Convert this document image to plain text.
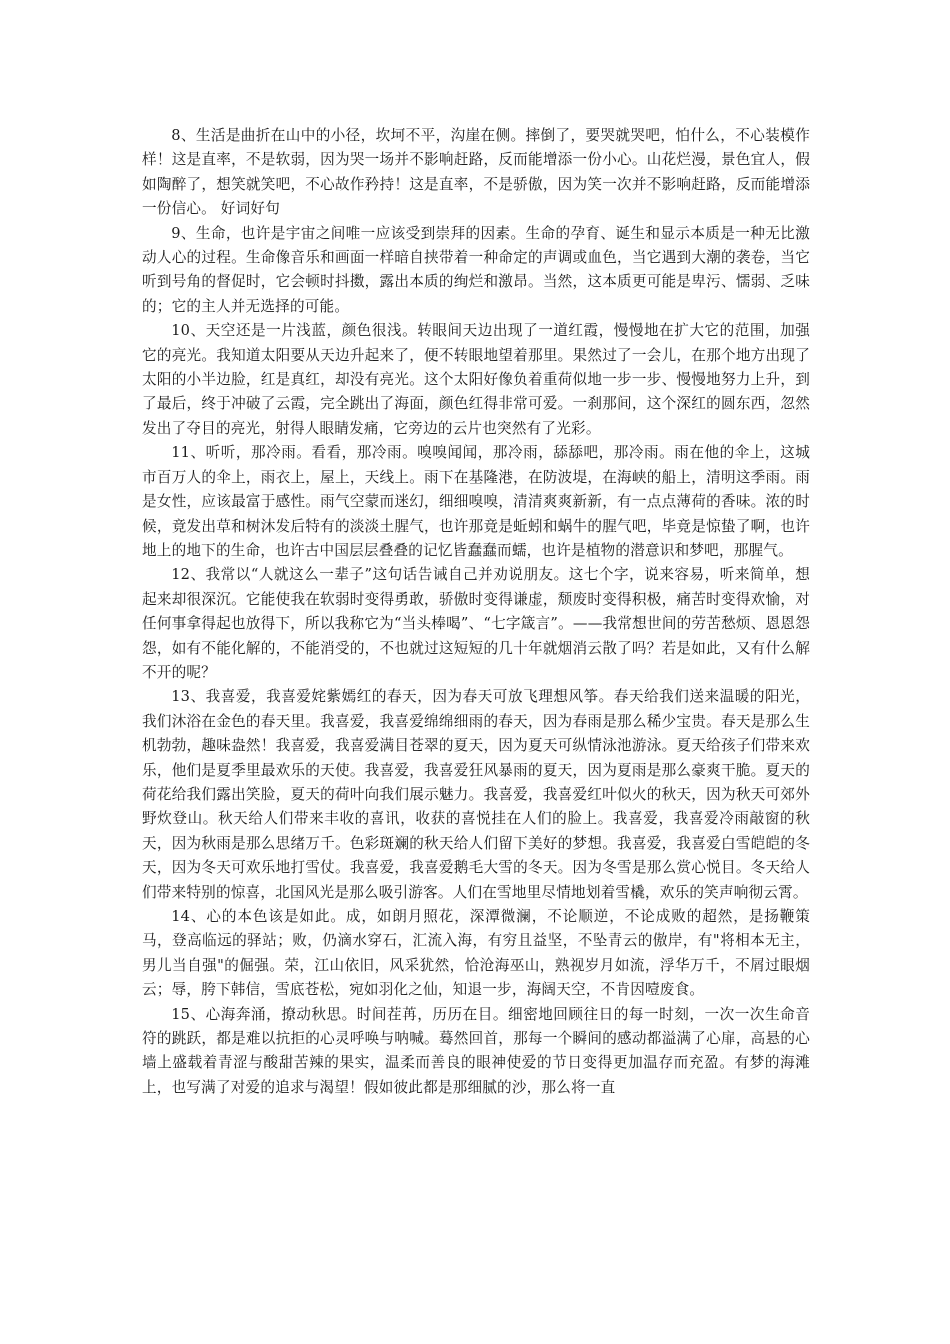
8、生活是曲折在山中的小径，坎坷不平，沟崖在侧。摔倒了，要哭就哭吧，怕什么，不心装模作样！这是直率，不是软弱，因为哭一场并不影响赶路，反而能增添一份小心。山花烂漫，景色宜人，假如陶醉了，想笑就笑吧，不心故作矜持！这是直率，不是骄傲，因为笑一次并不影响赶路，反而能增添一份信心。 好词好句

9、生命，也许是宇宙之间唯一应该受到崇拜的因素。生命的孕育、诞生和显示本质是一种无比激动人心的过程。生命像音乐和画面一样暗自挟带着一种命定的声调或血色，当它遇到大潮的袭卷，当它听到号角的督促时，它会顿时抖擞，露出本质的绚烂和激昂。当然，这本质更可能是卑污、懦弱、乏味的；它的主人并无选择的可能。

10、天空还是一片浅蓝，颜色很浅。转眼间天边出现了一道红霞，慢慢地在扩大它的范围，加强它的亮光。我知道太阳要从天边升起来了，便不转眼地望着那里。果然过了一会儿，在那个地方出现了太阳的小半边脸，红是真红，却没有亮光。这个太阳好像负着重荷似地一步一步、慢慢地努力上升，到了最后，终于冲破了云霞，完全跳出了海面，颜色红得非常可爱。一刹那间，这个深红的圆东西，忽然发出了夺目的亮光，射得人眼睛发痛，它旁边的云片也突然有了光彩。

11、听听，那冷雨。看看，那冷雨。嗅嗅闻闻，那冷雨，舔舔吧，那冷雨。雨在他的伞上，这城市百万人的伞上，雨衣上，屋上，天线上。雨下在基隆港，在防波堤，在海峡的船上，清明这季雨。雨是女性，应该最富于感性。雨气空蒙而迷幻，细细嗅嗅，清清爽爽新新，有一点点薄荷的香味。浓的时候，竟发出草和树沐发后特有的淡淡土腥气，也许那竟是蚯蚓和蜗牛的腥气吧，毕竟是惊蛰了啊，也许地上的地下的生命，也许古中国层层叠叠的记忆皆蠢蠢而蠕，也许是植物的潜意识和梦吧，那腥气。

12、我常以“人就这么一辈子”这句话告诫自己并劝说朋友。这七个字，说来容易，听来简单，想起来却很深沉。它能使我在软弱时变得勇敢，骄傲时变得谦虚，颓废时变得积极，痛苦时变得欢愉，对任何事拿得起也放得下，所以我称它为“当头棒喝”、“七字箴言”。——我常想世间的劳苦愁烦、恩恩怨怨，如有不能化解的，不能消受的，不也就过这短短的几十年就烟消云散了吗？若是如此，又有什么解不开的呢？

13、我喜爱，我喜爱姹紫嫣红的春天，因为春天可放飞理想风筝。春天给我们送来温暖的阳光，我们沐浴在金色的春天里。我喜爱，我喜爱绵绵细雨的春天，因为春雨是那么稀少宝贵。春天是那么生机勃勃，趣味盎然！我喜爱，我喜爱满目苍翠的夏天，因为夏天可纵情泳池游泳。夏天给孩子们带来欢乐，他们是夏季里最欢乐的天使。我喜爱，我喜爱狂风暴雨的夏天，因为夏雨是那么豪爽干脆。夏天的荷花给我们露出笑脸，夏天的荷叶向我们展示魅力。我喜爱，我喜爱红叶似火的秋天，因为秋天可郊外野炊登山。秋天给人们带来丰收的喜讯，收获的喜悦挂在人们的脸上。我喜爱，我喜爱冷雨敲窗的秋天，因为秋雨是那么思绪万千。色彩斑斓的秋天给人们留下美好的梦想。我喜爱，我喜爱白雪皑皑的冬天，因为冬天可欢乐地打雪仗。我喜爱，我喜爱鹅毛大雪的冬天。因为冬雪是那么赏心悦目。冬天给人们带来特别的惊喜，北国风光是那么吸引游客。人们在雪地里尽情地划着雪橇，欢乐的笑声响彻云霄。

14、心的本色该是如此。成，如朗月照花，深潭微澜，不论顺逆，不论成败的超然，是扬鞭策马，登高临远的驿站；败，仍滴水穿石，汇流入海，有穷且益坚，不坠青云的傲岸，有"将相本无主，男儿当自强"的倔强。荣，江山依旧，风采犹然，恰沧海巫山，熟视岁月如流，浮华万千，不屑过眼烟云；辱，胯下韩信，雪底苍松，宛如羽化之仙，知退一步，海阔天空，不肯因噎废食。

15、心海奔涌，撩动秋思。时间茬苒，历历在目。细密地回顾往日的每一时刻，一次一次生命音符的跳跃，都是难以抗拒的心灵呼唤与呐喊。蓦然回首，那每一个瞬间的感动都溢满了心扉，高悬的心墙上盛载着青涩与酸甜苦辣的果实，温柔而善良的眼神使爱的节日变得更加温存而充盈。有梦的海滩上，也写满了对爱的追求与渴望！假如彼此都是那细腻的沙，那么将一直
